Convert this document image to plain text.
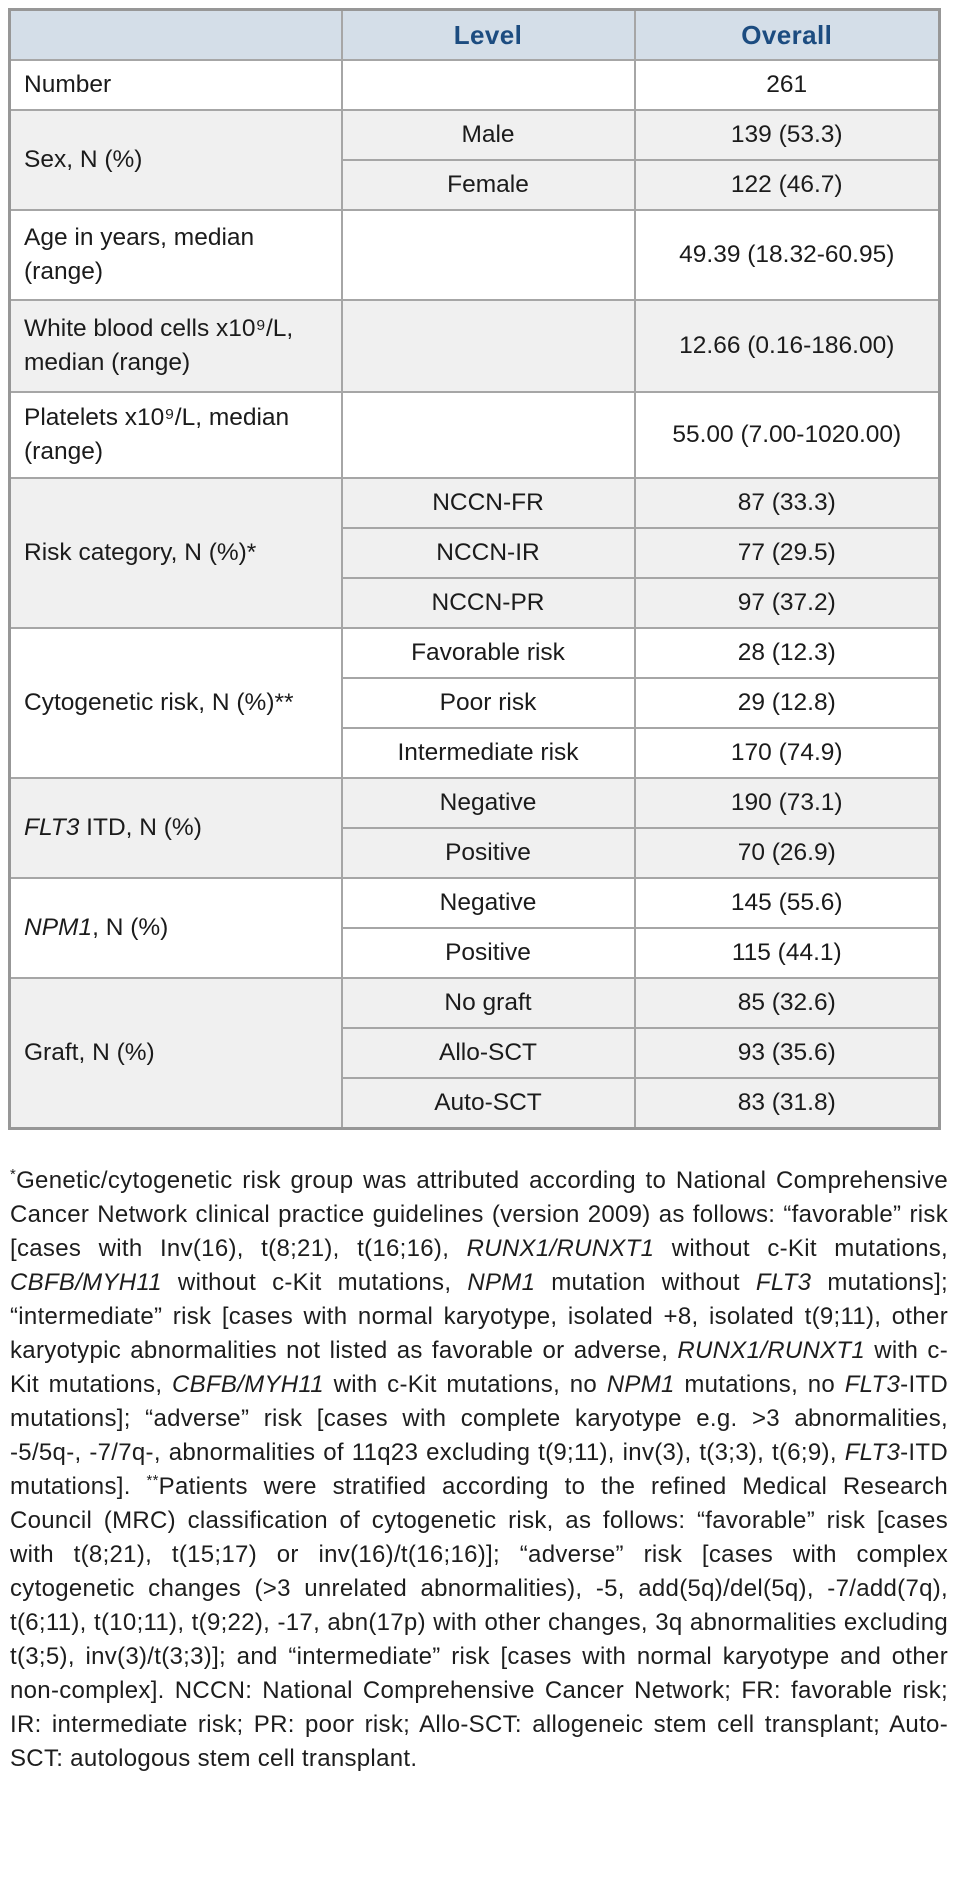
	Level	Overall
Number		261
Sex, N (%)	Male	139 (53.3)
	Female	122 (46.7)
Age in years, median (range)		49.39 (18.32-60.95)
White blood cells x10⁹/L, median (range)		12.66 (0.16-186.00)
Platelets x10⁹/L, median (range)		55.00 (7.00-1020.00)
Risk category, N (%)*	NCCN-FR	87 (33.3)
	NCCN-IR	77 (29.5)
	NCCN-PR	97 (37.2)
Cytogenetic risk, N (%)**	Favorable risk	28 (12.3)
	Poor risk	29 (12.8)
	Intermediate risk	170 (74.9)
FLT3 ITD, N (%)	Negative	190 (73.1)
	Positive	70 (26.9)
NPM1, N (%)	Negative	145 (55.6)
	Positive	115 (44.1)
Graft, N (%)	No graft	85 (32.6)
	Allo-SCT	93 (35.6)
	Auto-SCT	83 (31.8)

*Genetic/cytogenetic risk group was attributed according to National Comprehensive Cancer Network clinical practice guidelines (version 2009) as follows: “favorable” risk [cases with Inv(16), t(8;21), t(16;16), RUNX1/RUNXT1 without c-Kit mutations, CBFB/MYH11 without c-Kit mutations, NPM1 mutation without FLT3 mutations]; “intermediate” risk [cases with normal karyotype, isolated +8, isolated t(9;11), other karyotypic abnormalities not listed as favorable or adverse, RUNX1/RUNXT1 with c-Kit mutations, CBFB/MYH11 with c-Kit mutations, no NPM1 mutations, no FLT3-ITD mutations]; “adverse” risk [cases with complete karyotype e.g. >3 abnormalities, -5/5q-, -7/7q-, abnormalities of 11q23 excluding t(9;11), inv(3), t(3;3), t(6;9), FLT3-ITD mutations]. **Patients were stratified according to the refined Medical Research Council (MRC) classification of cytogenetic risk, as follows: “favorable” risk [cases with t(8;21), t(15;17) or inv(16)/t(16;16)]; “adverse” risk [cases with complex cytogenetic changes (>3 unrelated abnormalities), -5, add(5q)/del(5q), -7/add(7q), t(6;11), t(10;11), t(9;22), -17, abn(17p) with other changes, 3q abnormalities excluding t(3;5), inv(3)/t(3;3)]; and “intermediate” risk [cases with normal karyotype and other non-complex]. NCCN: National Comprehensive Cancer Network; FR: favorable risk; IR: intermediate risk; PR: poor risk; Allo-SCT: allogeneic stem cell transplant; Auto-SCT: autologous stem cell transplant.
